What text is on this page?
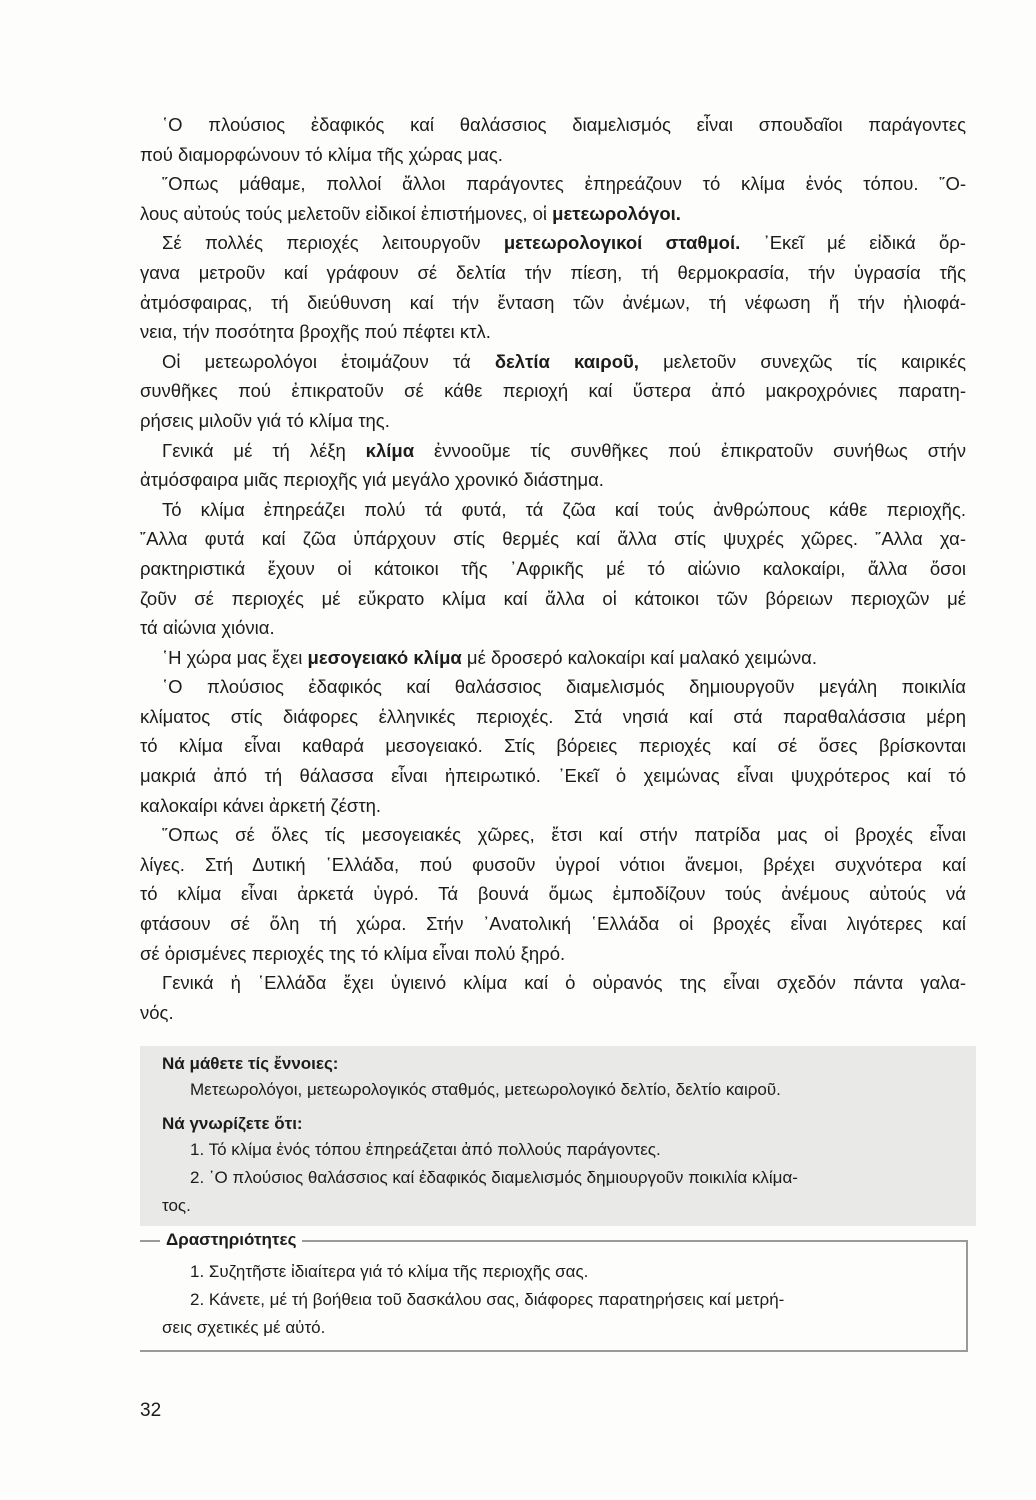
῾Ο πλούσιος ἐδαφικός καί θαλάσσιος διαμελισμός εἶναι σπουδαῖοι παράγοντες
πού διαμορφώνουν τό κλίμα τῆς χώρας μας.
῞Οπως μάθαμε, πολλοί ἄλλοι παράγοντες ἐπηρεάζουν τό κλίμα ἑνός τόπου. ῞Ο-
λους αὐτούς τούς μελετοῦν εἰδικοί ἐπιστήμονες, οἱ μετεωρολόγοι.
Σέ πολλές περιοχές λειτουργοῦν μετεωρολογικοί σταθμοί. ᾿Εκεῖ μέ εἰδικά ὄρ-
γανα μετροῦν καί γράφουν σέ δελτία τήν πίεση, τή θερμοκρασία, τήν ὑγρασία τῆς
ἀτμόσφαιρας, τή διεύθυνση καί τήν ἔνταση τῶν ἀνέμων, τή νέφωση ἤ τήν ἡλιοφά-
νεια, τήν ποσότητα βροχῆς πού πέφτει κτλ.
Οἱ μετεωρολόγοι ἑτοιμάζουν τά δελτία καιροῦ, μελετοῦν συνεχῶς τίς καιρικές
συνθῆκες πού ἐπικρατοῦν σέ κάθε περιοχή καί ὕστερα ἀπό μακροχρόνιες παρατη-
ρήσεις μιλοῦν γιά τό κλίμα της.
Γενικά μέ τή λέξη κλίμα ἐννοοῦμε τίς συνθῆκες πού ἐπικρατοῦν συνήθως στήν
ἀτμόσφαιρα μιᾶς περιοχῆς γιά μεγάλο χρονικό διάστημα.
Τό κλίμα ἐπηρεάζει πολύ τά φυτά, τά ζῶα καί τούς ἀνθρώπους κάθε περιοχῆς.
῎Αλλα φυτά καί ζῶα ὑπάρχουν στίς θερμές καί ἄλλα στίς ψυχρές χῶρες. ῎Αλλα χα-
ρακτηριστικά ἔχουν οἱ κάτοικοι τῆς ᾿Αφρικῆς μέ τό αἰώνιο καλοκαίρι, ἄλλα ὅσοι
ζοῦν σέ περιοχές μέ εὔκρατο κλίμα καί ἄλλα οἱ κάτοικοι τῶν βόρειων περιοχῶν μέ
τά αἰώνια χιόνια.
῾Η χώρα μας ἔχει μεσογειακό κλίμα μέ δροσερό καλοκαίρι καί μαλακό χειμώνα.
῾Ο πλούσιος ἐδαφικός καί θαλάσσιος διαμελισμός δημιουργοῦν μεγάλη ποικιλία
κλίματος στίς διάφορες ἑλληνικές περιοχές. Στά νησιά καί στά παραθαλάσσια μέρη
τό κλίμα εἶναι καθαρά μεσογειακό. Στίς βόρειες περιοχές καί σέ ὅσες βρίσκονται
μακριά ἀπό τή θάλασσα εἶναι ἠπειρωτικό. ᾿Εκεῖ ὁ χειμώνας εἶναι ψυχρότερος καί τό
καλοκαίρι κάνει ἀρκετή ζέστη.
῞Οπως σέ ὅλες τίς μεσογειακές χῶρες, ἔτσι καί στήν πατρίδα μας οἱ βροχές εἶναι
λίγες. Στή Δυτική ῾Ελλάδα, πού φυσοῦν ὑγροί νότιοι ἄνεμοι, βρέχει συχνότερα καί
τό κλίμα εἶναι ἀρκετά ὑγρό. Τά βουνά ὅμως ἐμποδίζουν τούς ἀνέμους αὐτούς νά
φτάσουν σέ ὅλη τή χώρα. Στήν ᾿Ανατολική ῾Ελλάδα οἱ βροχές εἶναι λιγότερες καί
σέ ὁρισμένες περιοχές της τό κλίμα εἶναι πολύ ξηρό.
Γενικά ἡ ῾Ελλάδα ἔχει ὑγιεινό κλίμα καί ὁ οὐρανός της εἶναι σχεδόν πάντα γαλα-
νός.
Νά μάθετε τίς ἔννοιες:
Μετεωρολόγοι, μετεωρολογικός σταθμός, μετεωρολογικό δελτίο, δελτίο καιροῦ.
Νά γνωρίζετε ὅτι:
1. Τό κλίμα ἑνός τόπου ἐπηρεάζεται ἀπό πολλούς παράγοντες.
2. ῾Ο πλούσιος θαλάσσιος καί ἐδαφικός διαμελισμός δημιουργοῦν ποικιλία κλίμα-
τος.
Δραστηριότητες
1. Συζητῆστε ἰδιαίτερα γιά τό κλίμα τῆς περιοχῆς σας.
2. Κάνετε, μέ τή βοήθεια τοῦ δασκάλου σας, διάφορες παρατηρήσεις καί μετρή-
σεις σχετικές μέ αὐτό.
32
